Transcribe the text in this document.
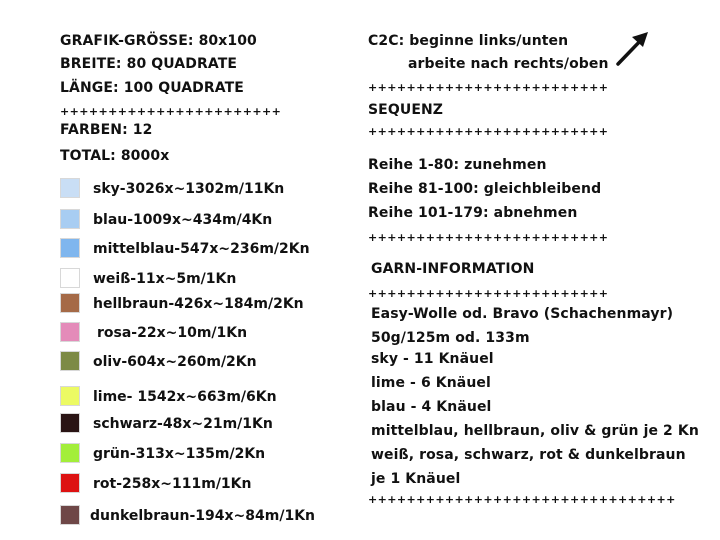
GRAFIK-GRÖSSE: 80x100
BREITE: 80 QUADRATE
LÄNGE: 100 QUADRATE
+++++++++++++++++++++++
FARBEN: 12
TOTAL: 8000x
sky-3026x~1302m/11Kn
blau-1009x~434m/4Kn
mittelblau-547x~236m/2Kn
weiß-11x~5m/1Kn
hellbraun-426x~184m/2Kn
rosa-22x~10m/1Kn
oliv-604x~260m/2Kn
lime- 1542x~663m/6Kn
schwarz-48x~21m/1Kn
grün-313x~135m/2Kn
rot-258x~111m/1Kn
dunkelbraun-194x~84m/1Kn
C2C: beginne links/unten
arbeite nach rechts/oben
+++++++++++++++++++++++++
SEQUENZ
+++++++++++++++++++++++++
Reihe 1-80: zunehmen
Reihe 81-100: gleichbleibend
Reihe 101-179: abnehmen
+++++++++++++++++++++++++
GARN-INFORMATION
+++++++++++++++++++++++++
Easy-Wolle od. Bravo (Schachenmayr)
50g/125m od. 133m
sky - 11 Knäuel
lime - 6 Knäuel
blau - 4 Knäuel
mittelblau, hellbraun, oliv & grün je 2 Kn
weiß, rosa, schwarz, rot & dunkelbraun
je 1 Knäuel
++++++++++++++++++++++++++++++++
